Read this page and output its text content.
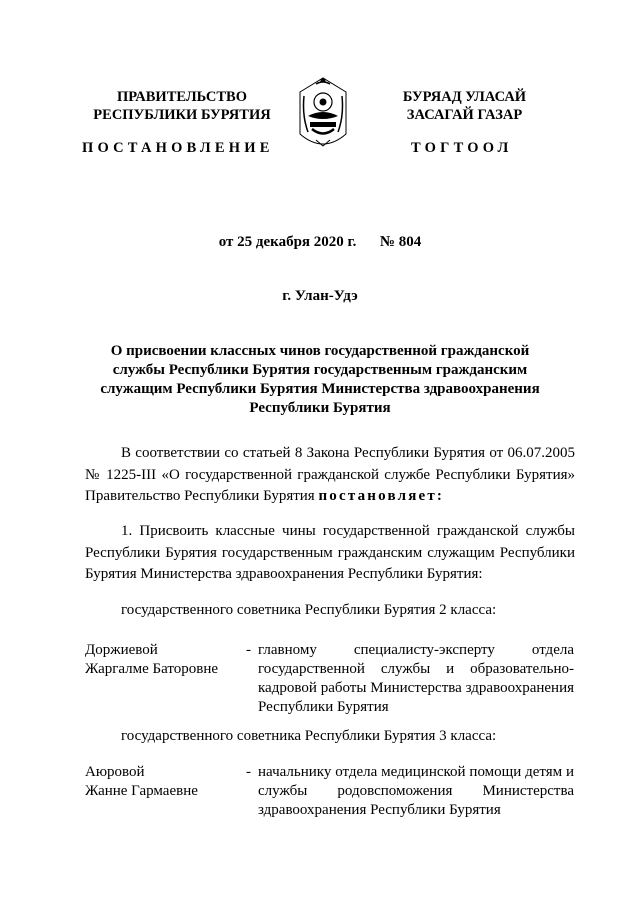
ПРАВИТЕЛЬСТВО
РЕСПУБЛИКИ БУРЯТИЯ
ПОСТАНОВЛЕНИЕ
БУРЯАД УЛАСАЙ
ЗАСАГАЙ ГАЗАР
ТОГТООЛ
от 25 декабря 2020 г. № 804
г. Улан-Удэ
О присвоении классных чинов государственной гражданской
службы Республики Бурятия государственным гражданским
служащим Республики Бурятия Министерства здравоохранения
Республики Бурятия
В соответствии со статьей 8 Закона Республики Бурятия от 06.07.2005 № 1225-III «О государственной гражданской службе Республики Бурятия» Правительство Республики Бурятия постановляет:
1. Присвоить классные чины государственной гражданской службы Республики Бурятия государственным гражданским служащим Республики Бурятия Министерства здравоохранения Республики Бурятия:
государственного советника Республики Бурятия 2 класса:
Доржиевой
Жаргалме Баторовне
- главному специалисту-эксперту отдела государственной службы и образовательно-кадровой работы Министерства здравоохранения Республики Бурятия
государственного советника Республики Бурятия 3 класса:
Аюровой
Жанне Гармаевне
- начальнику отдела медицинской помощи детям и службы родовспоможения Министерства здравоохранения Республики Бурятия
